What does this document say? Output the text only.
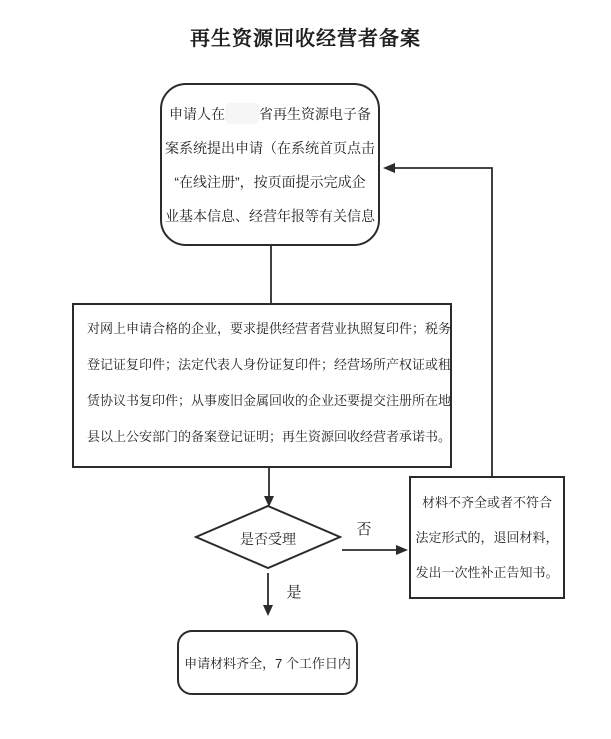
再生资源回收经营者备案
申请人在 省再生资源电子备
案系统提出申请（在系统首页点击
“在线注册”，按页面提示完成企
业基本信息、经营年报等有关信息
对网上申请合格的企业，要求提供经营者营业执照复印件；税务
登记证复印件；法定代表人身份证复印件；经营场所产权证或租
赁协议书复印件；从事废旧金属回收的企业还要提交注册所在地
县以上公安部门的备案登记证明；再生资源回收经营者承诺书。
是否受理
否
是
材料不齐全或者不符合
法定形式的，退回材料，
发出一次性补正告知书。
申请材料齐全，7 个工作日内
